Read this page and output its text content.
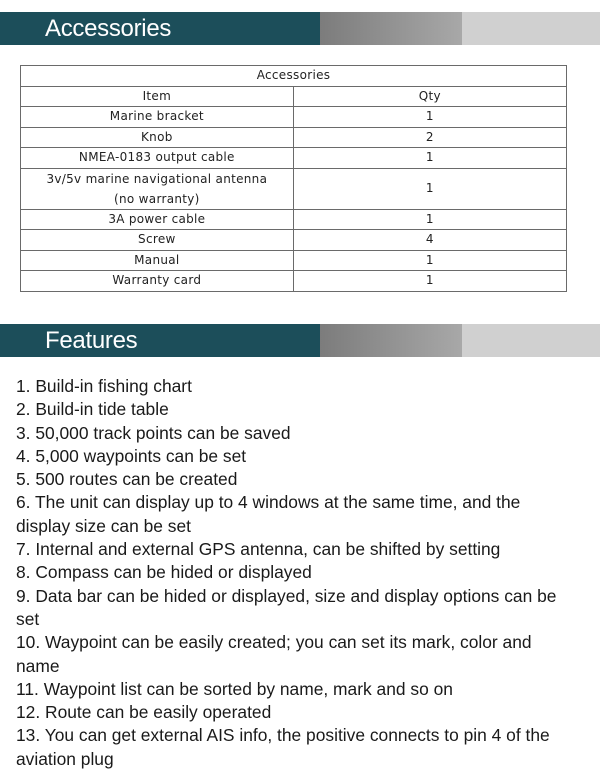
Accessories
Accessories	
Item	Qty
Marine bracket	1
Knob	2
NMEA-0183 output cable	1

3v/5v marine navigational antenna
(no warranty)	1
3A power cable	1
Screw	4
Manual	1
Warranty card	1
Features
1. Build-in fishing chart
2. Build-in tide table
3. 50,000 track points can be saved
4. 5,000 waypoints can be set
5. 500 routes can be created
6. The unit can display up to 4 windows at the same time, and the display size can be set
7. Internal and external GPS antenna, can be shifted by setting
8. Compass can be hided or displayed
9. Data bar can be hided or displayed, size and display options can be set
10. Waypoint can be easily created; you can set its mark, color and name
11. Waypoint list can be sorted by name, mark and so on
12. Route can be easily operated
13. You can get external AIS info, the positive connects to pin 4 of the aviation plug
